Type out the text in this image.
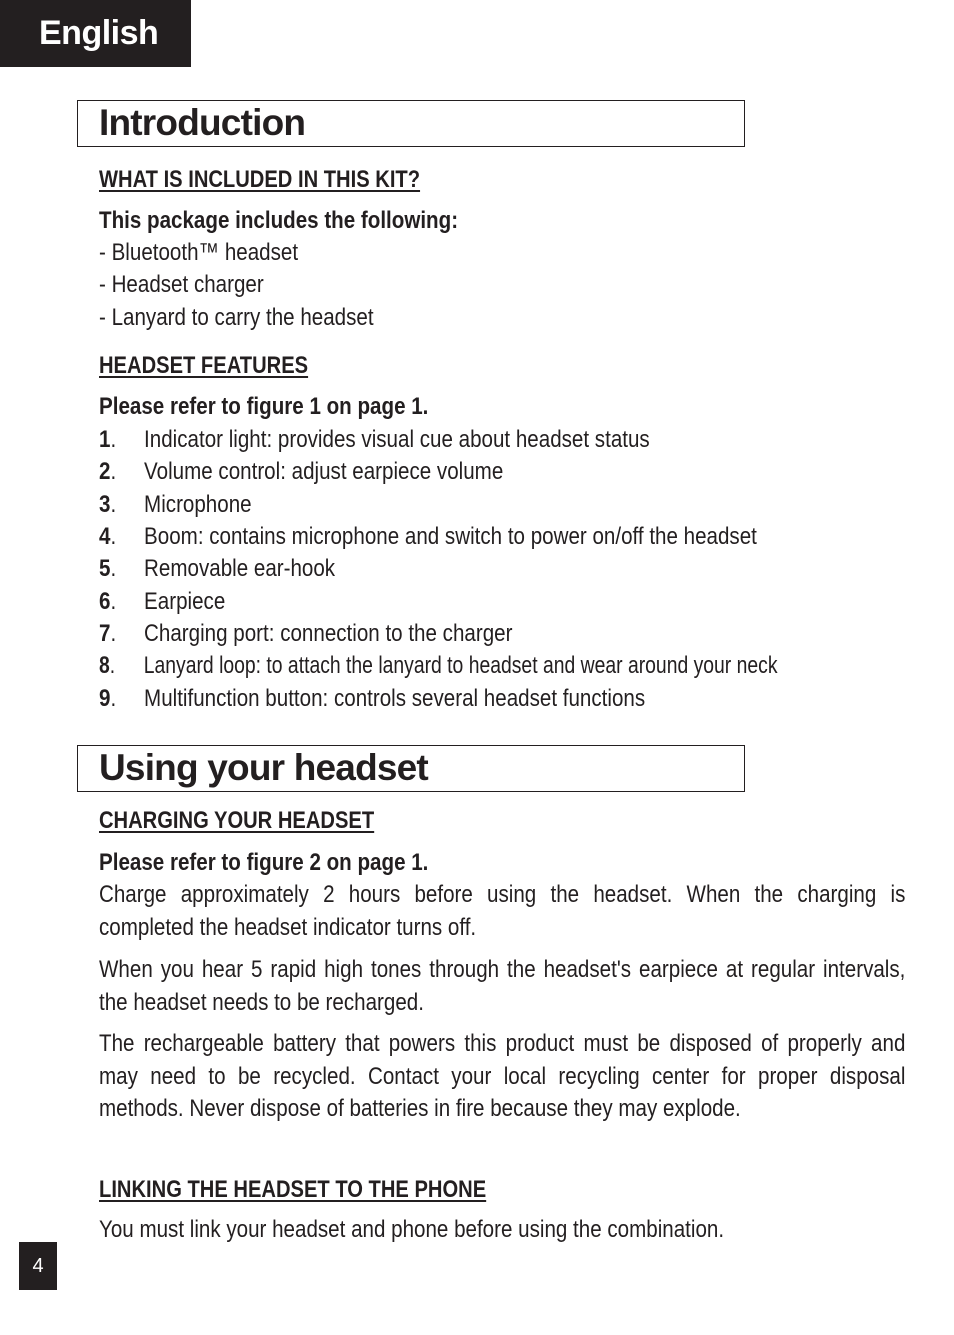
English
Introduction
WHAT IS INCLUDED IN THIS KIT?
This package includes the following:
- Bluetooth™ headset
- Headset charger
- Lanyard to carry the headset
HEADSET FEATURES
Please refer to figure 1 on page 1.
1. Indicator light: provides visual cue about headset status
2. Volume control: adjust earpiece volume
3. Microphone
4. Boom: contains microphone and switch to power on/off the headset
5. Removable ear-hook
6. Earpiece
7. Charging port: connection to the charger
8. Lanyard loop: to attach the lanyard to headset and wear around your neck
9. Multifunction button: controls several headset functions
Using your headset
CHARGING YOUR HEADSET
Please refer to figure 2 on page 1.
Charge approximately 2 hours before using the headset. When the charging is completed the headset indicator turns off.
When you hear 5 rapid high tones through the headset's earpiece at regular intervals, the headset needs to be recharged.
The rechargeable battery that powers this product must be disposed of properly and may need to be recycled. Contact your local recycling center for proper disposal methods. Never dispose of batteries in fire because they may explode.
LINKING THE HEADSET TO THE PHONE
You must link your headset and phone before using the combination.
4
